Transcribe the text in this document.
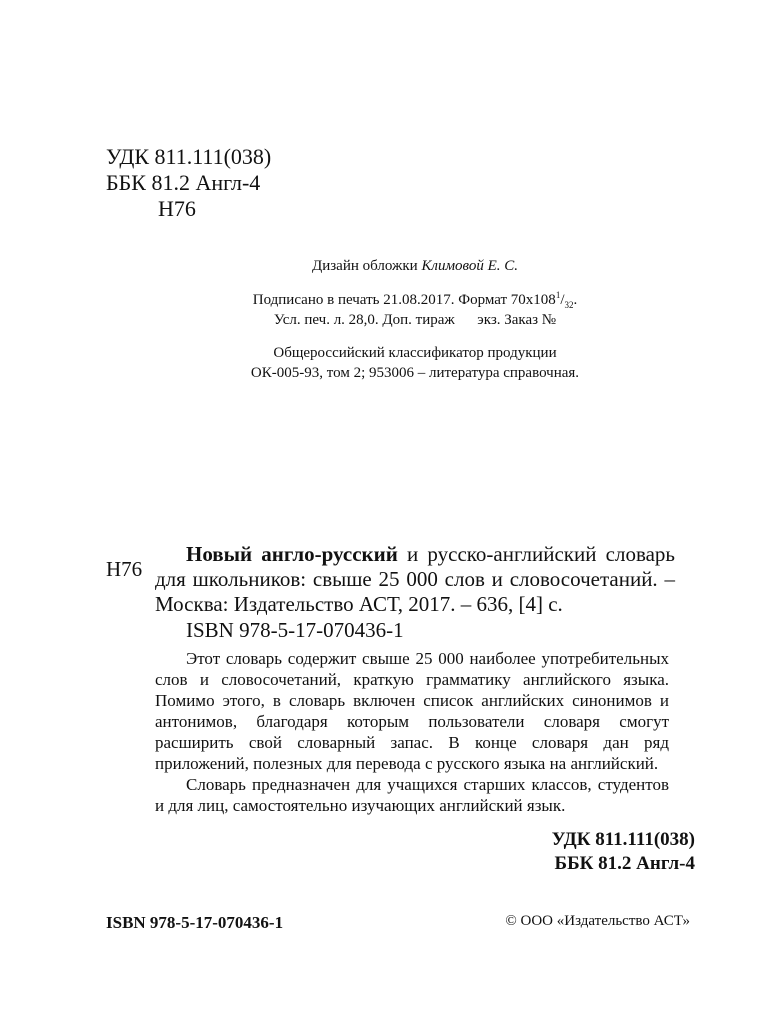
УДК 811.111(038)
ББК 81.2 Англ-4
Н76
Дизайн обложки Климовой Е. С.
Подписано в печать 21.08.2017. Формат $70x108^1/_{32}$.
Усл. печ. л. 28,0. Доп. тираж      экз. Заказ №
Общероссийский классификатор продукции
ОК-005-93, том 2; 953006 – литература справочная.
Н76
Новый англо-русский и русско-английский словарь для школьников: свыше 25 000 слов и словосочетаний. – Москва: Издательство АСТ, 2017. – 636, [4] с.
ISBN 978-5-17-070436-1

Этот словарь содержит свыше 25 000 наиболее употребительных слов и словосочетаний, краткую грамматику английского языка. Помимо этого, в словарь включен список английских синонимов и антонимов, благодаря которым пользователи словаря смогут расширить свой словарный запас. В конце словаря дан ряд приложений, полезных для перевода с русского языка на английский.

Словарь предназначен для учащихся старших классов, студентов и для лиц, самостоятельно изучающих английский язык.

УДК 811.111(038)
ББК 81.2 Англ-4
ISBN 978-5-17-070436-1	© ООО «Издательство АСТ»
